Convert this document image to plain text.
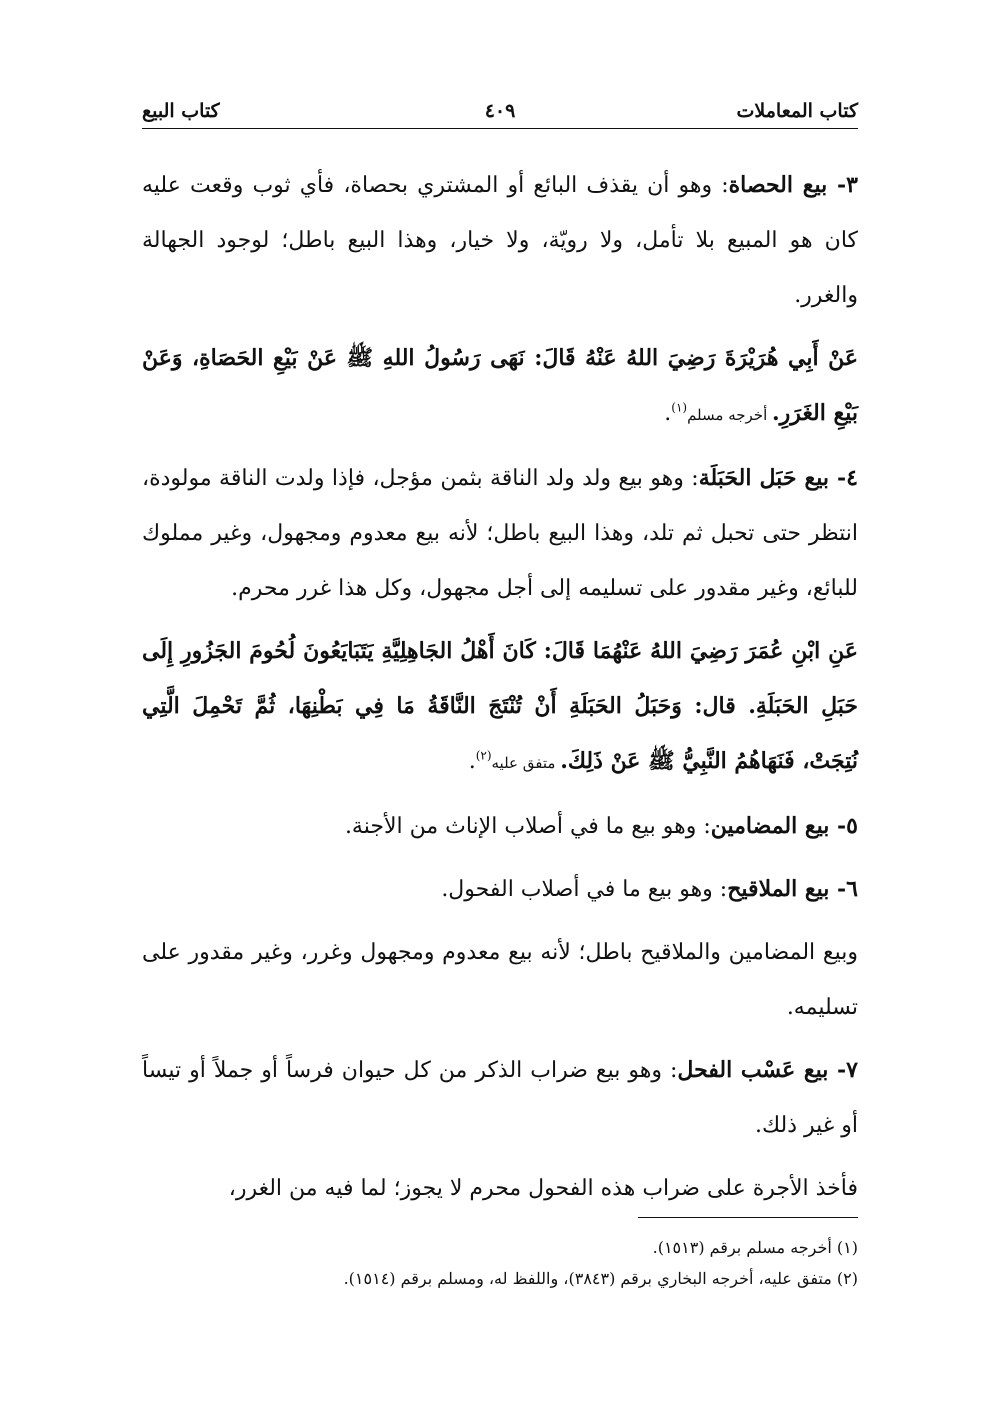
كتاب المعاملات
٤٠٩
كتاب البيع

٣- بيع الحصاة: وهو أن يقذف البائع أو المشتري بحصاة، فأي ثوب وقعت عليه كان هو المبيع بلا تأمل، ولا رويّة، ولا خيار، وهذا البيع باطل؛ لوجود الجهالة والغرر.

عَنْ أَبِي هُرَيْرَةَ رَضِيَ اللهُ عَنْهُ قَالَ: نَهَى رَسُولُ اللهِ ﷺ عَنْ بَيْعِ الحَصَاةِ، وَعَنْ بَيْعِ الغَرَرِ. أخرجه مسلم$^{(١)}$.

٤- بيع حَبَل الحَبَلَة: وهو بيع ولد ولد الناقة بثمن مؤجل، فإذا ولدت الناقة مولودة، انتظر حتى تحبل ثم تلد، وهذا البيع باطل؛ لأنه بيع معدوم ومجهول، وغير مملوك للبائع، وغير مقدور على تسليمه إلى أجل مجهول، وكل هذا غرر محرم.

عَنِ ابْنِ عُمَرَ رَضِيَ اللهُ عَنْهُمَا قَالَ: كَانَ أَهْلُ الجَاهِلِيَّةِ يَتَبَايَعُونَ لُحُومَ الجَزُورِ إِلَى حَبَلِ الحَبَلَةِ. قال: وَحَبَلُ الحَبَلَةِ أَنْ تُنْتَجَ النَّاقَةُ مَا فِي بَطْنِهَا، ثُمَّ تَحْمِلَ الَّتِي نُتِجَتْ، فَنَهَاهُمُ النَّبِيُّ ﷺ عَنْ ذَلِكَ. متفق عليه$^{(٢)}$.

٥- بيع المضامين: وهو بيع ما في أصلاب الإناث من الأجنة.

٦- بيع الملاقيح: وهو بيع ما في أصلاب الفحول.

وبيع المضامين والملاقيح باطل؛ لأنه بيع معدوم ومجهول وغرر، وغير مقدور على تسليمه.

٧- بيع عَسْب الفحل: وهو بيع ضراب الذكر من كل حيوان فرساً أو جملاً أو تيساً أو غير ذلك.

فأخذ الأجرة على ضراب هذه الفحول محرم لا يجوز؛ لما فيه من الغرر،

(١) أخرجه مسلم برقم (١٥١٣).
(٢) متفق عليه، أخرجه البخاري برقم (٣٨٤٣)، واللفظ له، ومسلم برقم (١٥١٤).
